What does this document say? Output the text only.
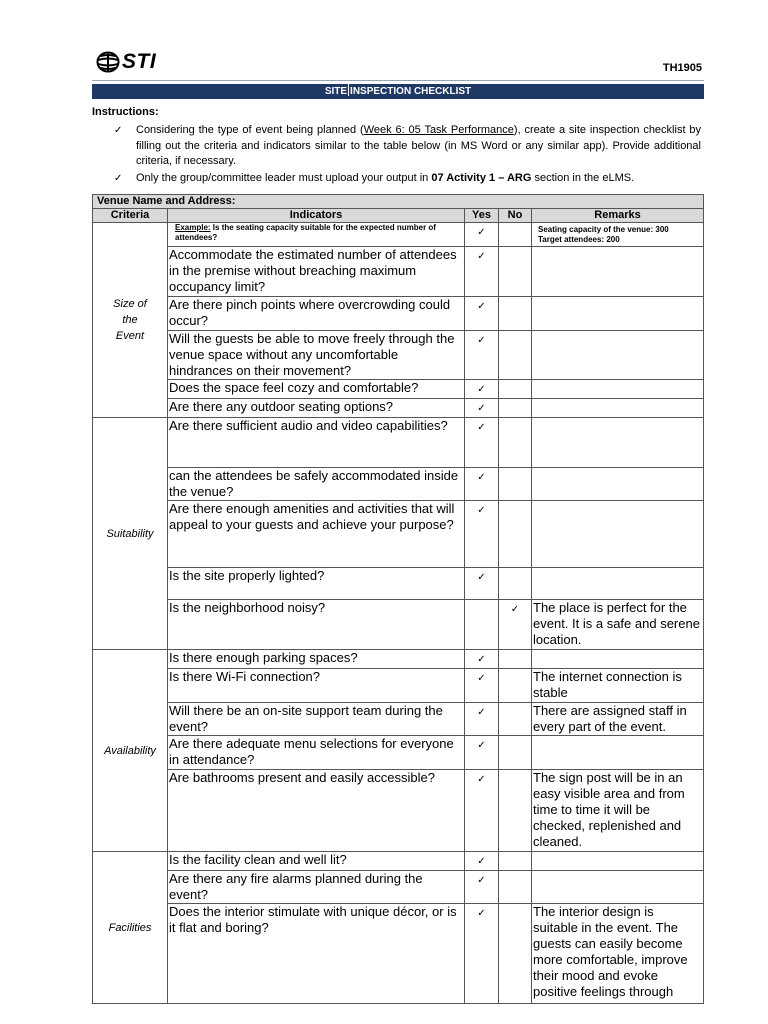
STI	TH1905
SITE INSPECTION CHECKLIST
Instructions:
✓ Considering the type of event being planned (Week 6: 05 Task Performance), create a site inspection checklist by filling out the criteria and indicators similar to the table below (in MS Word or any similar app). Provide additional criteria, if necessary.
✓ Only the group/committee leader must upload your output in 07 Activity 1 – ARG section in the eLMS.
Venue Name and Address:				
Criteria	Indicators	Yes	No	Remarks
Size of the Event	Example: Is the seating capacity suitable for the expected number of attendees?	✓		Seating capacity of the venue: 300
Target attendees: 200

	Accommodate the estimated number of attendees in the premise without breaching maximum occupancy limit?	✓		
	Are there pinch points where overcrowding could occur?	✓		
	Will the guests be able to move freely through the venue space without any uncomfortable hindrances on their movement?	✓		
	Does the space feel cozy and comfortable?	✓		
	Are there any outdoor seating options?	✓		
Suitability	Are there sufficient audio and video capabilities?	✓		
	can the attendees be safely accommodated inside the venue?	✓		
	Are there enough amenities and activities that will appeal to your guests and achieve your purpose?	✓		
	Is the site properly lighted?	✓		
	Is the neighborhood noisy?		✓	The place is perfect for the event. It is a safe and serene location.
Availability	Is there enough parking spaces?	✓		
	Is there Wi-Fi connection?	✓		The internet connection is stable
	Will there be an on-site support team during the event?	✓		There are assigned staff in every part of the event.
	Are there adequate menu selections for everyone in attendance?	✓		
	Are bathrooms present and easily accessible?	✓		The sign post will be in an easy visible area and from time to time it will be checked, replenished and cleaned.
Facilities	Is the facility clean and well lit?	✓		
	Are there any fire alarms planned during the event?	✓		
	Does the interior stimulate with unique décor, or is it flat and boring?	✓		The interior design is suitable in the event. The guests can easily become more comfortable, improve their mood and evoke positive feelings through
